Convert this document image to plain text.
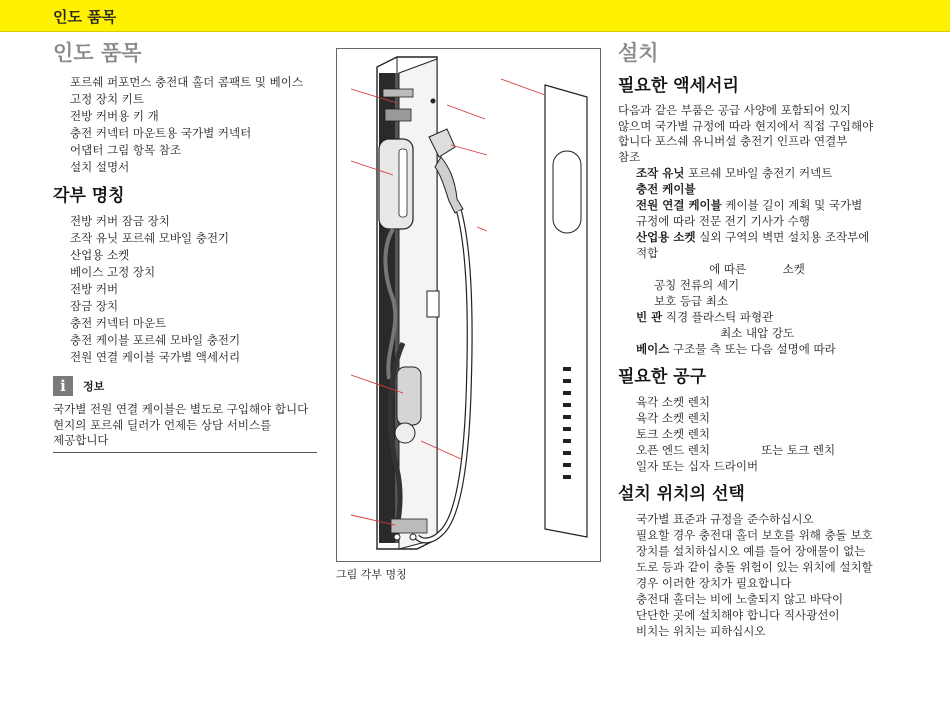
인도 품목
인도 품목
포르쉐 퍼포먼스 충전대 홀더 콤팩트 및 베이스
고정 장치 키트
전방 커버용 키 개
충전 커넥터 마운트용 국가별 커넥터
어댑터 그림 항목 참조
설치 설명서
각부 명칭
전방 커버 잠금 장치
조작 유닛 포르쉐 모바일 충전기
산업용 소켓
베이스 고정 장치
전방 커버
잠금 장치
충전 커넥터 마운트
충전 케이블 포르쉐 모바일 충전기
전원 연결 케이블 국가별 액세서리
i	정보
국가별 전원 연결 케이블은 별도로 구입해야 합니다
현지의 포르쉐 딜러가 언제든 상담 서비스를
제공합니다
그림 각부 명칭
설치
필요한 액세서리
다음과 같은 부품은 공급 사양에 포함되어 있지
않으며 국가별 규정에 따라 현지에서 직접 구입해야
합니다 포스쉐 유니버설 충전기 인프라 연결부
참조
조작 유닛 포르쉐 모바일 충전기 커넥트
충전 케이블
전원 연결 케이블 케이블 길이 계획 및 국가별
규정에 따라 전문 전기 기사가 수행
산업용 소켓 실외 구역의 벽면 설치용 조작부에
적합
에 따른          소켓
공칭 전류의 세기
보호 등급 최소
빈 관 직경 플라스틱 파형관
최소 내압 강도
베이스 구조물 측 또는 다음 설명에 따라
필요한 공구
육각 소켓 렌치
육각 소켓 렌치
토크 소켓 렌치
오픈 엔드 렌치              또는 토크 렌치
일자 또는 십자 드라이버
설치 위치의 선택
국가별 표준과 규정을 준수하십시오
필요할 경우 충전대 홀더 보호를 위해 충돌 보호
장치를 설치하십시오 예를 들어 장애물이 없는
도로 등과 같이 충돌 위험이 있는 위치에 설치할
경우 이러한 장치가 필요합니다
충전대 홀더는 비에 노출되지 않고 바닥이
단단한 곳에 설치해야 합니다 직사광선이
비치는 위치는 피하십시오
